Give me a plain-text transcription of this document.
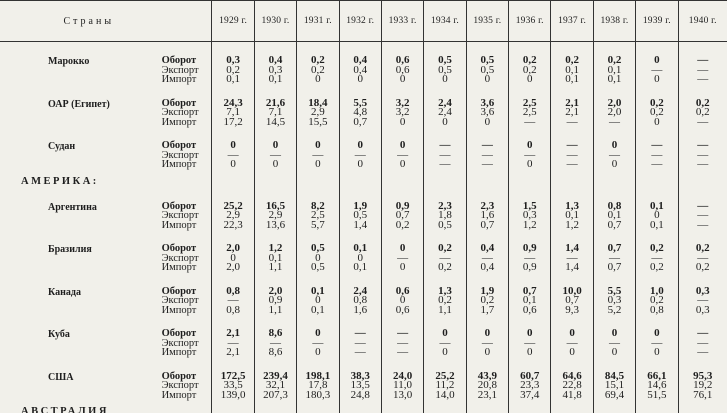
Страны		1929 г.	1930 г.	1931 г.	1932 г.	1933 г.	1934 г.	1935 г.	1936 г.	1937 г.	1938 г.	1939 г.	1940 г.

Марокко	Оборот	0,3	0,4	0,2	0,4	0,6	0,5	0,5	0,2	0,2	0,2	0	—
	Экспорт	0,2	0,3	0,2	0,4	0,6	0,5	0,5	0,2	0,1	0,1	—	—
	Импорт	0,1	0,1	0	0	0	0	0	0	0,1	0,1	0	—

ОАР (Египет)	Оборот	24,3	21,6	18,4	5,5	3,2	2,4	3,6	2,5	2,1	2,0	0,2	0,2
	Экспорт	7,1	7,1	2,9	4,8	3,2	2,4	3,6	2,5	2,1	2,0	0,2	0,2
	Импорт	17,2	14,5	15,5	0,7	0	0	0	—	—	—	0	—

Судан	Оборот	0	0	0	0	0	—	—	0	—	0	—	—
	Экспорт	—	—	—	—	—	—	—	—	—	—	—	—
	Импорт	0	0	0	0	0	—	—	0	—	0	—	—
АМЕРИКА:													

Аргентина	Оборот	25,2	16,5	8,2	1,9	0,9	2,3	2,3	1,5	1,3	0,8	0,1	—
	Экспорт	2,9	2,9	2,5	0,5	0,7	1,8	1,6	0,3	0,1	0,1	0	—
	Импорт	22,3	13,6	5,7	1,4	0,2	0,5	0,7	1,2	1,2	0,7	0,1	—

Бразилия	Оборот	2,0	1,2	0,5	0,1	0	0,2	0,4	0,9	1,4	0,7	0,2	0,2
	Экспорт	0	0,1	0	0	—	—	—	—	—	—	—	—
	Импорт	2,0	1,1	0,5	0,1	0	0,2	0,4	0,9	1,4	0,7	0,2	0,2

Канада	Оборот	0,8	2,0	0,1	2,4	0,6	1,3	1,9	0,7	10,0	5,5	1,0	0,3
	Экспорт	—	0,9	0	0,8	0	0,2	0,2	0,1	0,7	0,3	0,2	—
	Импорт	0,8	1,1	0,1	1,6	0,6	1,1	1,7	0,6	9,3	5,2	0,8	0,3

Куба	Оборот	2,1	8,6	0	—	—	0	0	0	0	0	0	—
	Экспорт	—	—	—	—	—	—	—	—	—	—	—	—
	Импорт	2,1	8,6	0	—	—	0	0	0	0	0	0	—

США	Оборот	172,5	239,4	198,1	38,3	24,0	25,2	43,9	60,7	64,6	84,5	66,1	95,3
	Экспорт	33,5	32,1	17,8	13,5	11,0	11,2	20,8	23,3	22,8	15,1	14,6	19,2
	Импорт	139,0	207,3	180,3	24,8	13,0	14,0	23,1	37,4	41,8	69,4	51,5	76,1
АВСТРАЛИЯ													
